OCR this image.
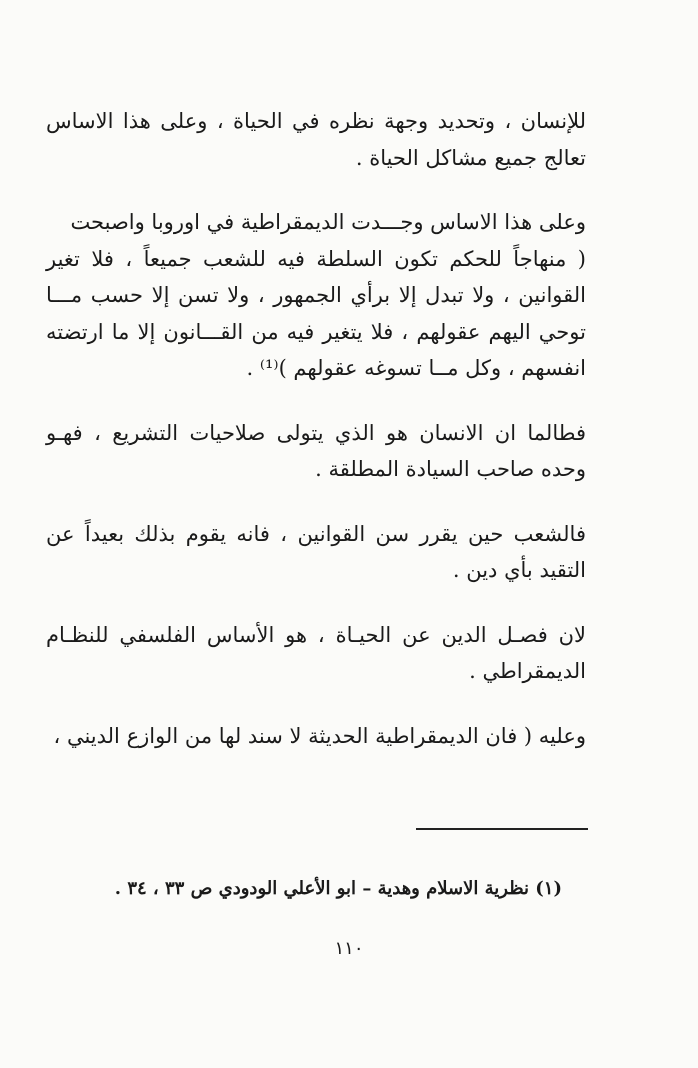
للإنسان ، وتحديد وجهة نظره في الحياة ، وعلى هذا الاساس تعالج جميع مشاكل الحياة .

وعلى هذا الاساس وجـــدت الديمقراطية في اوروبا واصبحت

( منهاجاً للحكم تكون السلطة فيه للشعب جميعاً ، فلا تغير القوانين ، ولا تبدل إلا برأي الجمهور ، ولا تسن إلا حسب مـــا توحي اليهم عقولهم ، فلا يتغير فيه من القـــانون إلا ما ارتضته انفسهم ، وكل مــا تسوغه عقولهم )⁽¹⁾ .

فطالما ان الانسان هو الذي يتولى صلاحيات التشريع ، فهـو وحده صاحب السيادة المطلقة .

فالشعب حين يقرر سن القوانين ، فانه يقوم بذلك بعيداً عن التقيد بأي دين .

لان فصـل الدين عن الحيـاة ، هو الأساس الفلسفي للنظـام الديمقراطي .

وعليه ( فان الديمقراطية الحديثة لا سند لها من الوازع الديني ،

(١) نظرية الاسلام وهدية – ابو الأعلي الودودي ص ٣٣ ، ٣٤ .
١١٠
